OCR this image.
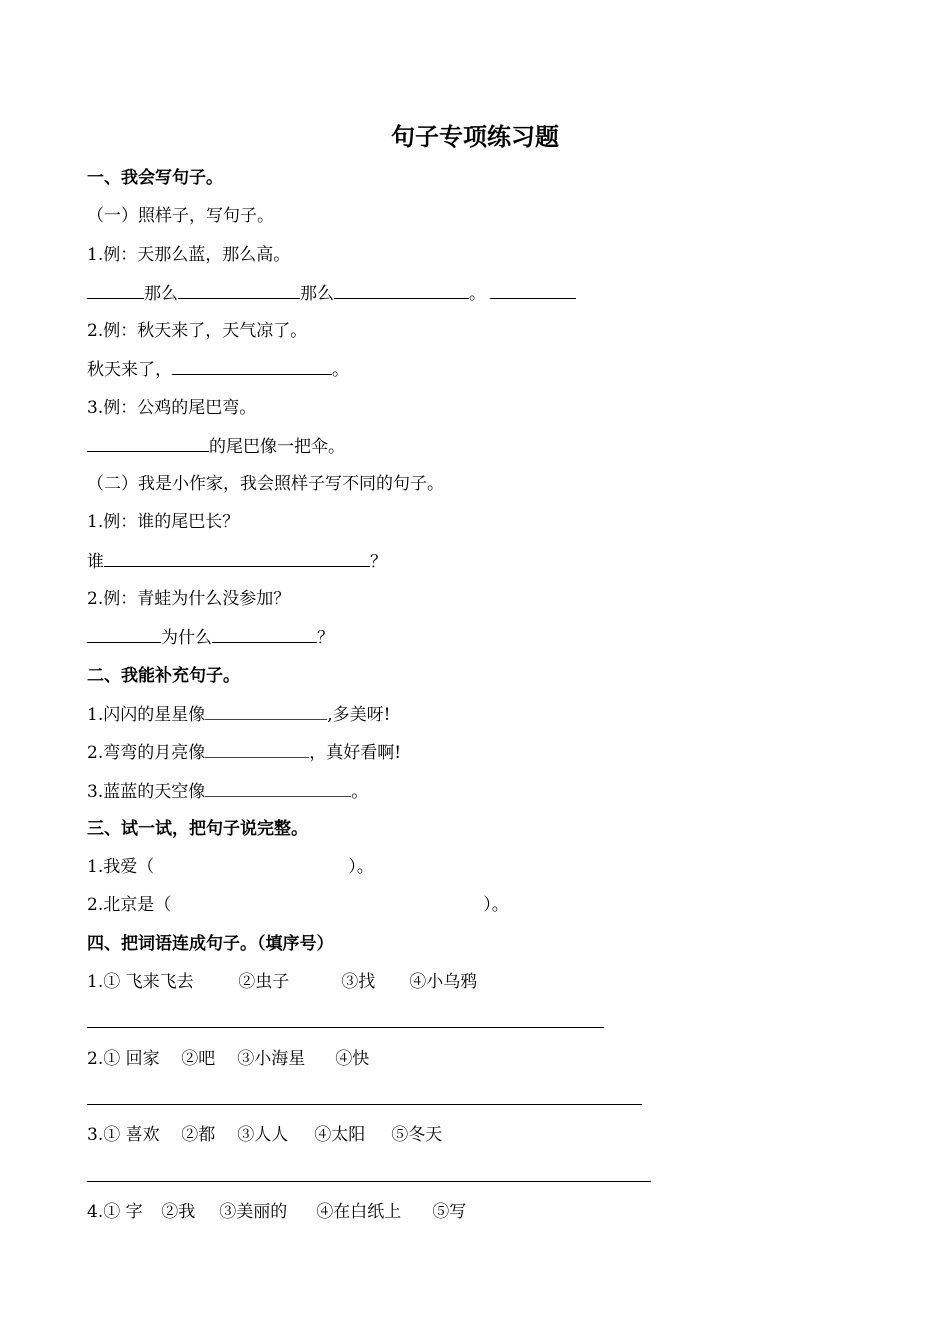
句子专项练习题

一、我会写句子。

（一）照样子，写句子。

1.例：天那么蓝，那么高。

那么	那么	。

2.例：秋天来了，天气凉了。

秋天来了，	。

3.例：公鸡的尾巴弯。

的尾巴像一把伞。

（二）我是小作家，我会照样子写不同的句子。

1.例：谁的尾巴长？

谁	？

2.例：青蛙为什么没参加？

为什么	？

二、我能补充句子。

1.闪闪的星星像	,多美呀!

2.弯弯的月亮像	，真好看啊!

3.蓝蓝的天空像	。

三、试一试，把句子说完整。

1.我爱（	）。

2.北京是（	）。

四、把词语连成句子。（填序号）

1.① 飞来飞去	②虫子	③找 ④小乌鸦

2.① 回家 ②吧 ③小海星 ④快

3.① 喜欢 ②都 ③人人 ④太阳 ⑤冬天

4.① 字 ②我 ③美丽的 ④在白纸上 ⑤写
